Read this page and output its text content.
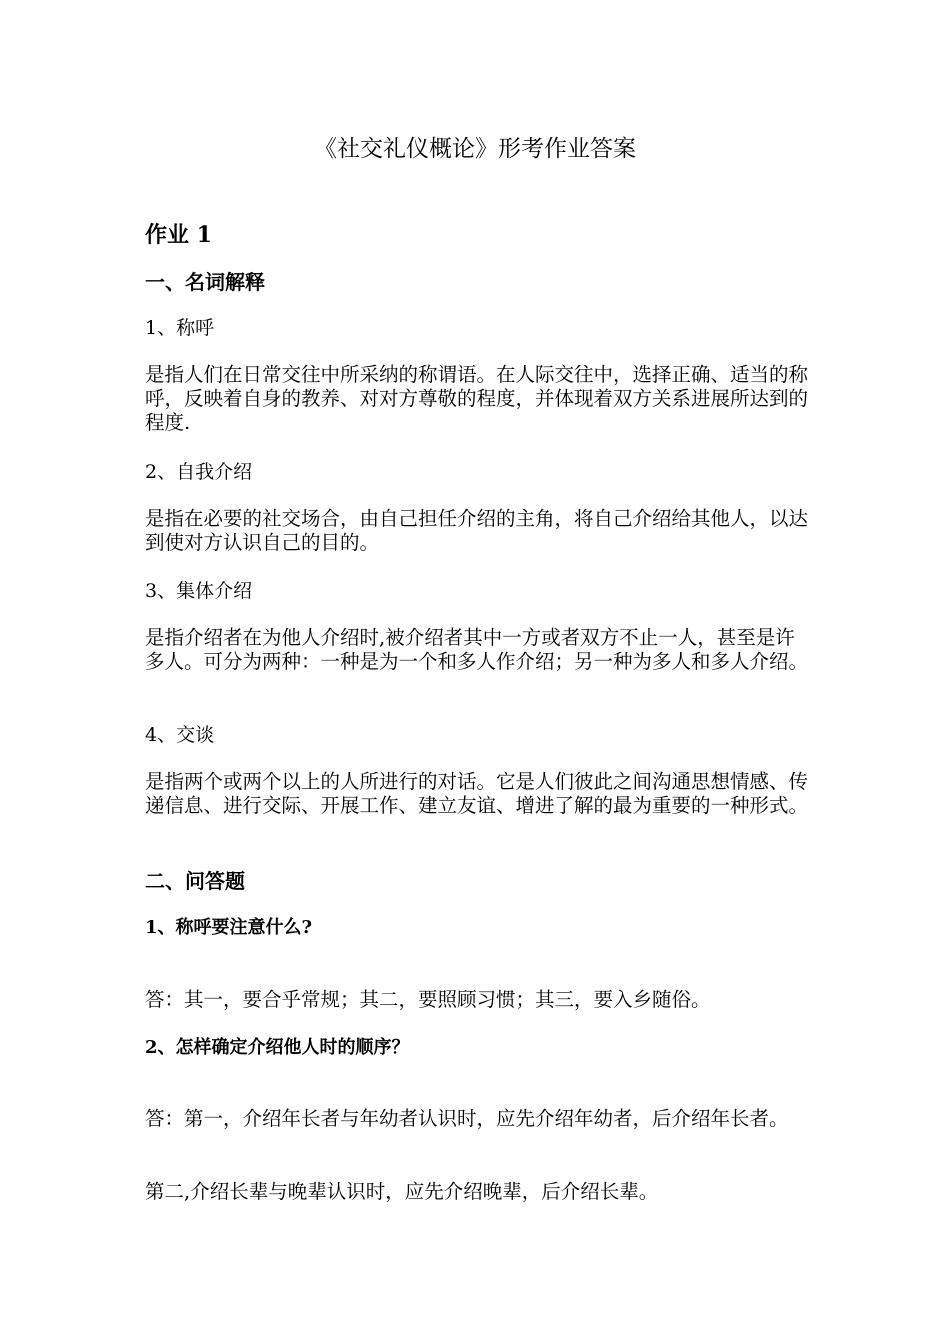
《社交礼仪概论》形考作业答案
作业 1
一、名词解释
1、称呼

是指人们在日常交往中所采纳的称谓语。在人际交往中，选择正确、适当的称呼，反映着自身的教养、对对方尊敬的程度，并体现着双方关系进展所达到的程度.

2、自我介绍

是指在必要的社交场合，由自己担任介绍的主角，将自己介绍给其他人，以达到使对方认识自己的目的。

3、集体介绍

是指介绍者在为他人介绍时,被介绍者其中一方或者双方不止一人，甚至是许多人。可分为两种：一种是为一个和多人作介绍；另一种为多人和多人介绍。

4、交谈

是指两个或两个以上的人所进行的对话。它是人们彼此之间沟通思想情感、传递信息、进行交际、开展工作、建立友谊、增进了解的最为重要的一种形式。

二、问答题
1、称呼要注意什么?

答：其一，要合乎常规；其二，要照顾习惯；其三，要入乡随俗。

2、怎样确定介绍他人时的顺序？

答：第一，介绍年长者与年幼者认识时，应先介绍年幼者，后介绍年长者。

第二,介绍长辈与晚辈认识时，应先介绍晚辈，后介绍长辈。
